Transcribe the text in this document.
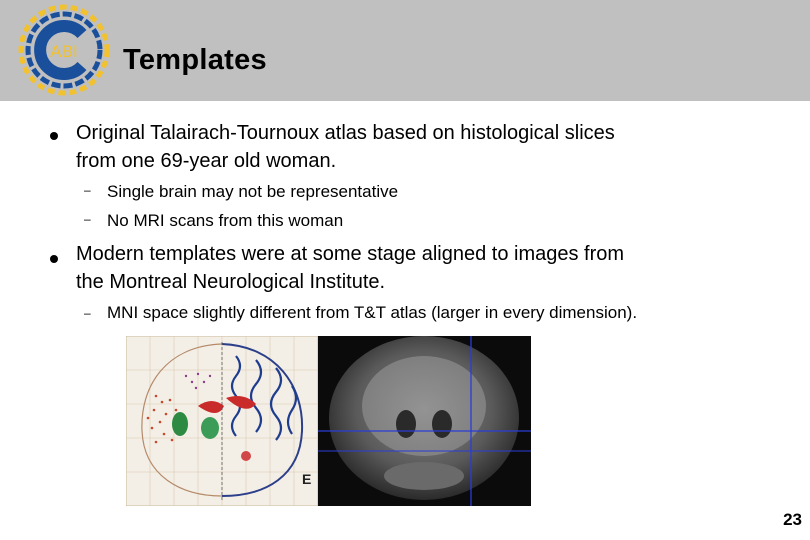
ABI Templates
Original Talairach-Tournoux atlas based on histological slices
from one 69-year old woman.
– Single brain may not be representative
– No MRI scans from this woman
Modern templates were at some stage aligned to images from
the Montreal Neurological Institute.
– MNI space slightly different from T&T atlas (larger in every dimension).
E
23
